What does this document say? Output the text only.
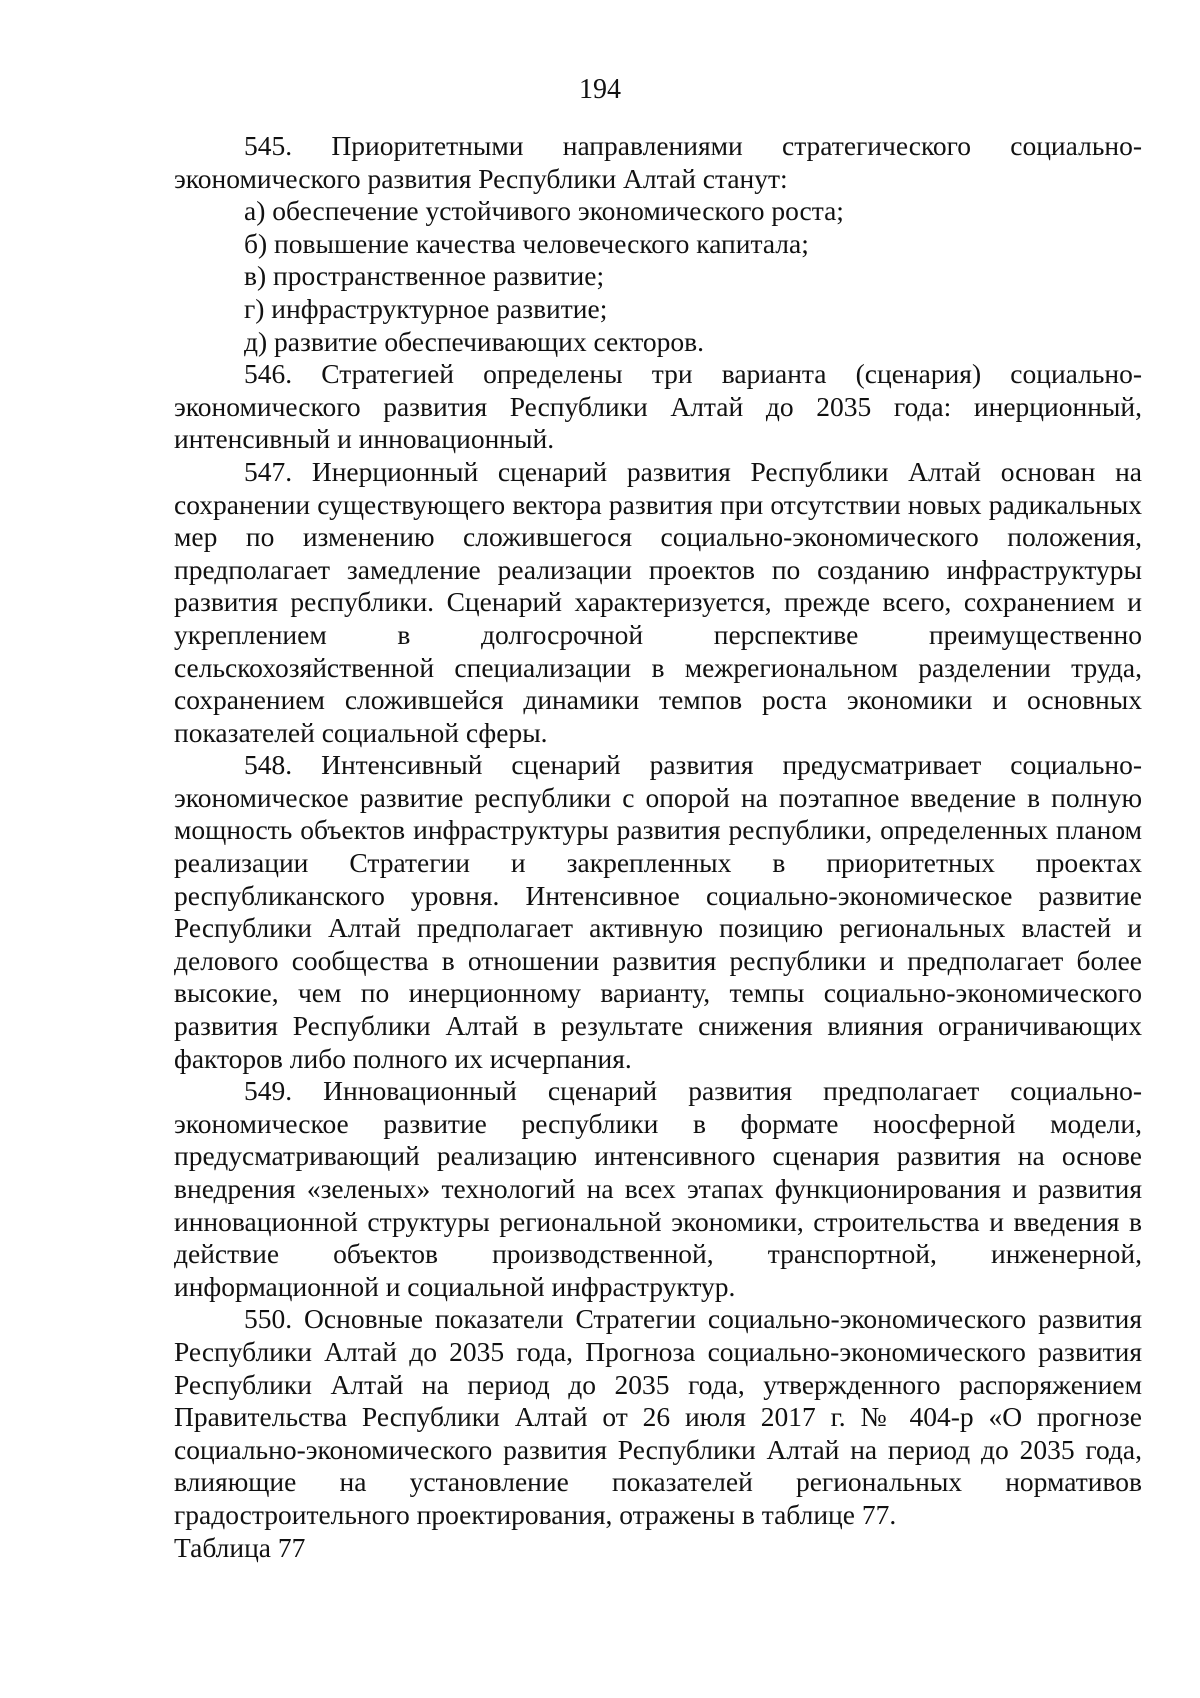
194

545. Приоритетными направлениями стратегического социально-экономического развития Республики Алтай станут:

а) обеспечение устойчивого экономического роста;

б) повышение качества человеческого капитала;

в) пространственное развитие;

г) инфраструктурное развитие;

д) развитие обеспечивающих секторов.

546. Стратегией определены три варианта (сценария) социально-экономического развития Республики Алтай до 2035 года: инерционный, интенсивный и инновационный.

547. Инерционный сценарий развития Республики Алтай основан на сохранении существующего вектора развития при отсутствии новых радикальных мер по изменению сложившегося социально-экономического положения, предполагает замедление реализации проектов по созданию инфраструктуры развития республики. Сценарий характеризуется, прежде всего, сохранением и укреплением в долгосрочной перспективе преимущественно сельскохозяйственной специализации в межрегиональном разделении труда, сохранением сложившейся динамики темпов роста экономики и основных показателей социальной сферы.

548. Интенсивный сценарий развития предусматривает социально-экономическое развитие республики с опорой на поэтапное введение в полную мощность объектов инфраструктуры развития республики, определенных планом реализации Стратегии и закрепленных в приоритетных проектах республиканского уровня. Интенсивное социально-экономическое развитие Республики Алтай предполагает активную позицию региональных властей и делового сообщества в отношении развития республики и предполагает более высокие, чем по инерционному варианту, темпы социально-экономического развития Республики Алтай в результате снижения влияния ограничивающих факторов либо полного их исчерпания.

549. Инновационный сценарий развития предполагает социально-экономическое развитие республики в формате ноосферной модели, предусматривающий реализацию интенсивного сценария развития на основе внедрения «зеленых» технологий на всех этапах функционирования и развития инновационной структуры региональной экономики, строительства и введения в действие объектов производственной, транспортной, инженерной, информационной и социальной инфраструктур.

550. Основные показатели Стратегии социально-экономического развития Республики Алтай до 2035 года, Прогноза социально-экономического развития Республики Алтай на период до 2035 года, утвержденного распоряжением Правительства Республики Алтай от 26 июля 2017 г. № 404-р «О прогнозе социально-экономического развития Республики Алтай на период до 2035 года, влияющие на установление показателей региональных нормативов градостроительного проектирования, отражены в таблице 77.

Таблица 77
